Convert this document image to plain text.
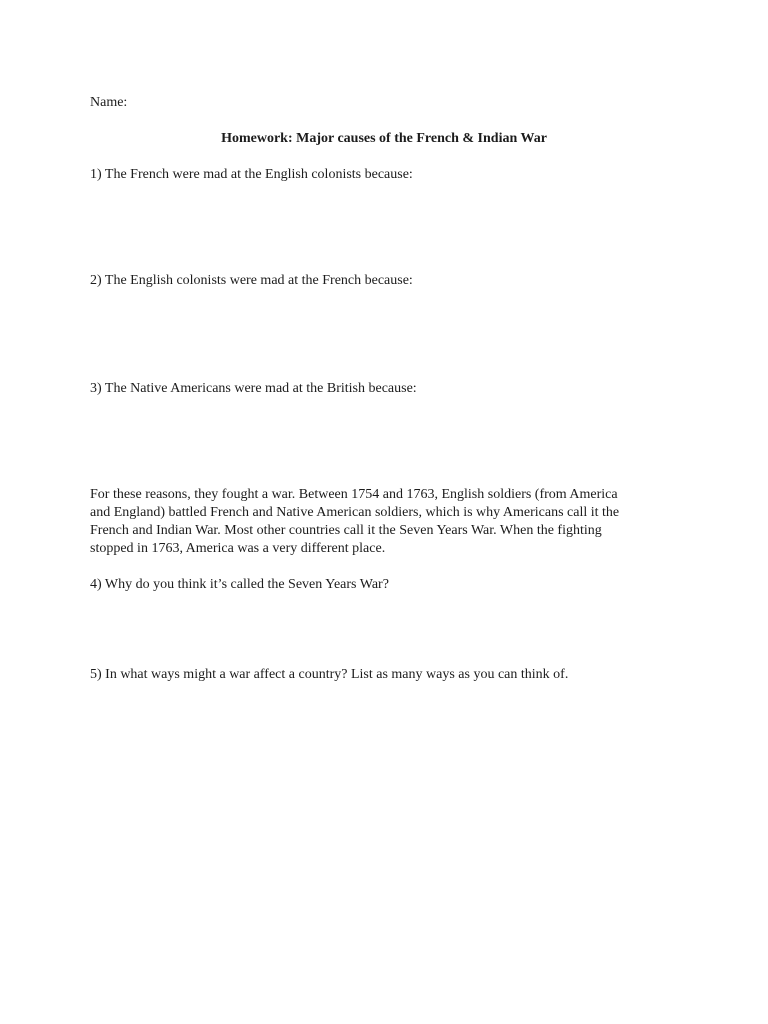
Name:

Homework: Major causes of the French & Indian War

1) The French were mad at the English colonists because:

2) The English colonists were mad at the French because:

3) The Native Americans were mad at the British because:

For these reasons, they fought a war. Between 1754 and 1763, English soldiers (from America
and England) battled French and Native American soldiers, which is why Americans call it the
French and Indian War. Most other countries call it the Seven Years War. When the fighting
stopped in 1763, America was a very different place.

4) Why do you think it’s called the Seven Years War?

5) In what ways might a war affect a country? List as many ways as you can think of.
